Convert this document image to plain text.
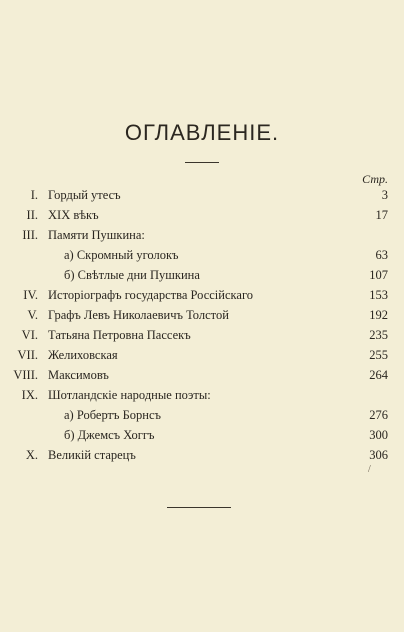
ОГЛАВЛЕНІЕ.
Стр.
I. Гордый утесъ	3
II. XIX вѣкъ	17
III. Памяти Пушкина:
а) Скромный уголокъ	63
б) Свѣтлые дни Пушкина	107
IV. Исторіографъ государства Россійскаго	153
V. Графъ Левъ Николаевичъ Толстой	192
VI. Татьяна Петровна Пассекъ	235
VII. Желиховская	255
VIII. Максимовъ	264
IX. Шотландскіе народные поэты:
а) Робертъ Борнсъ	276
б) Джемсъ Хоггъ	300
X. Великій старецъ	306
/
